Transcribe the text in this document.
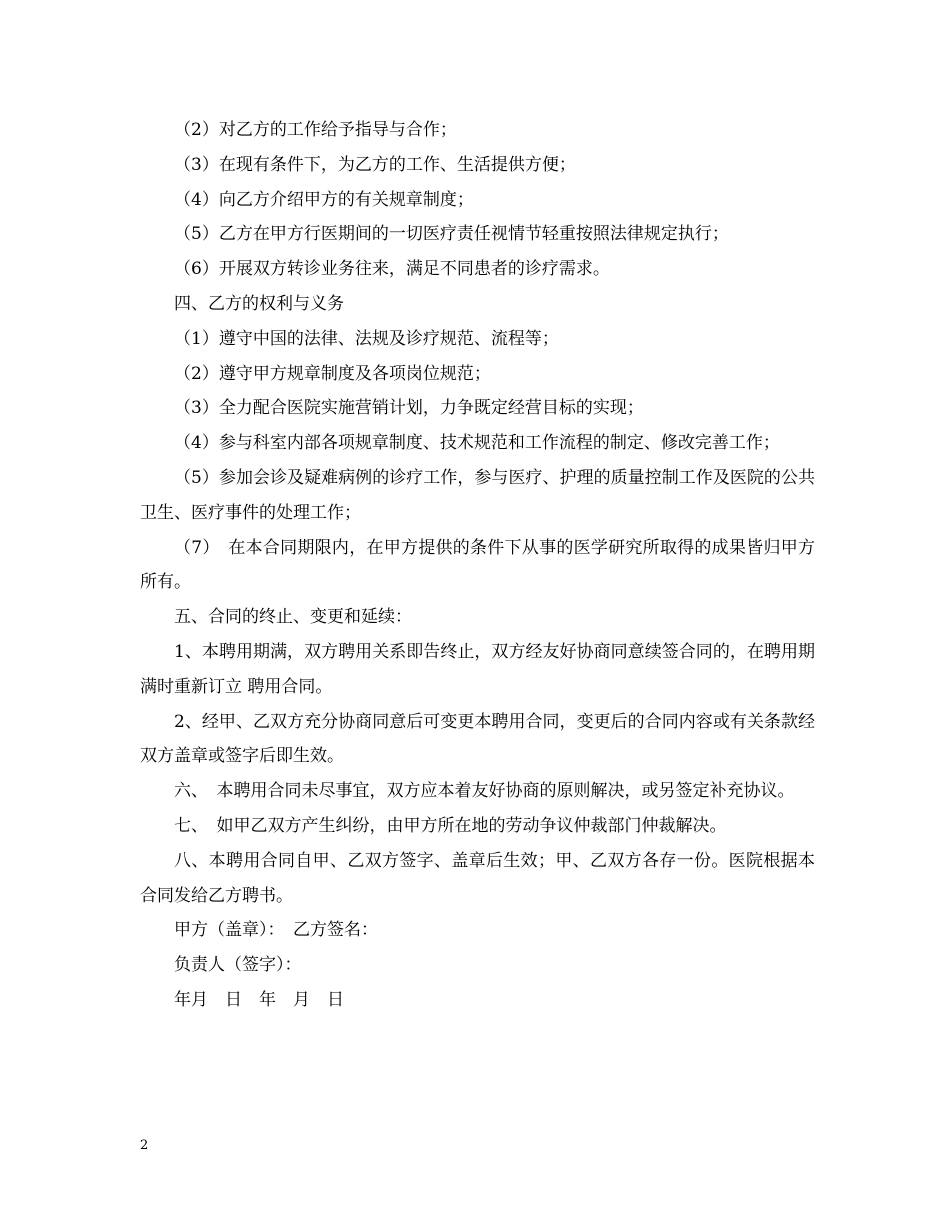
（2）对乙方的工作给予指导与合作；

（3）在现有条件下，为乙方的工作、生活提供方便；

（4）向乙方介绍甲方的有关规章制度；

（5）乙方在甲方行医期间的一切医疗责任视情节轻重按照法律规定执行；

（6）开展双方转诊业务往来，满足不同患者的诊疗需求。

四、乙方的权利与义务

（1）遵守中国的法律、法规及诊疗规范、流程等；

（2）遵守甲方规章制度及各项岗位规范；

（3）全力配合医院实施营销计划，力争既定经营目标的实现；

（4）参与科室内部各项规章制度、技术规范和工作流程的制定、修改完善工作；

（5）参加会诊及疑难病例的诊疗工作，参与医疗、护理的质量控制工作及医院的公共卫生、医疗事件的处理工作；

（7）　在本合同期限内，在甲方提供的条件下从事的医学研究所取得的成果皆归甲方所有。

五、合同的终止、变更和延续：

1、本聘用期满，双方聘用关系即告终止，双方经友好协商同意续签合同的，在聘用期满时重新订立 聘用合同。

2、经甲、乙双方充分协商同意后可变更本聘用合同，变更后的合同内容或有关条款经双方盖章或签字后即生效。

六、　本聘用合同未尽事宜，双方应本着友好协商的原则解决，或另签定补充协议。

七、　如甲乙双方产生纠纷，由甲方所在地的劳动争议仲裁部门仲裁解决。

八、本聘用合同自甲、乙双方签字、盖章后生效；甲、乙双方各存一份。医院根据本合同发给乙方聘书。

甲方（盖章）：　乙方签名：

负责人（签字）：

年月　日　年　月　日

2
